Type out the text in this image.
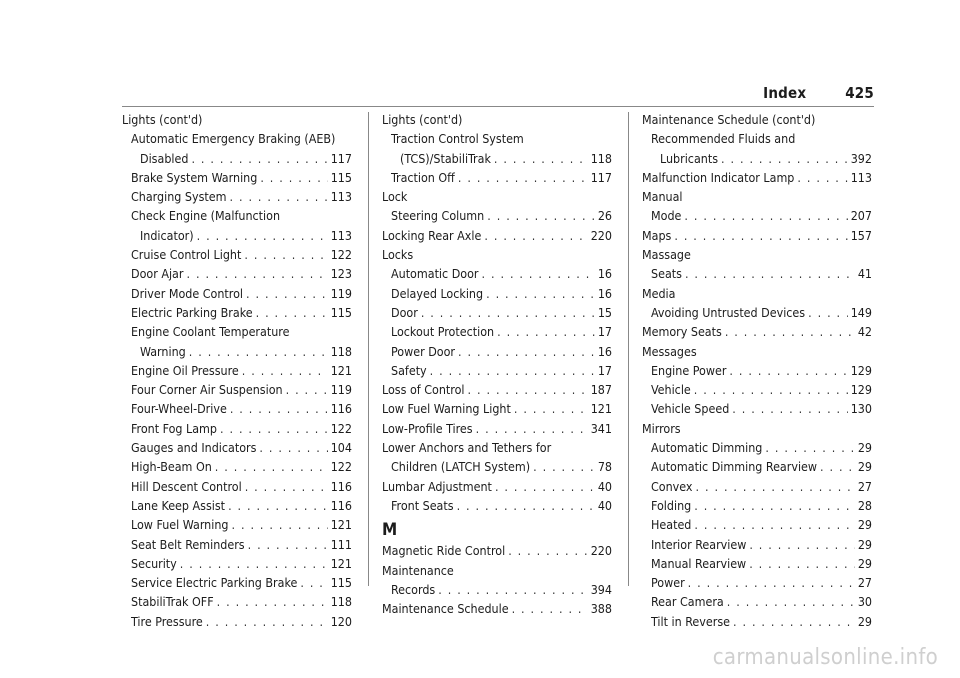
Index	425
Lights (cont'd)
Automatic Emergency Braking (AEB)
Disabled . . .	117
Brake System Warning . . .	115
Charging System . . .	113
Check Engine (Malfunction
Indicator) . . .	113
Cruise Control Light . . .	122
Door Ajar . . .	123
Driver Mode Control . . .	119
Electric Parking Brake . . .	115
Engine Coolant Temperature
Warning . . .	118
Engine Oil Pressure . . .	121
Four Corner Air Suspension . . .	119
Four-Wheel-Drive . . .	116
Front Fog Lamp . . .	122
Gauges and Indicators . . .	104
High-Beam On . . .	122
Hill Descent Control . . .	116
Lane Keep Assist . . .	116
Low Fuel Warning . . .	121
Seat Belt Reminders . . .	111
Security . . .	121
Service Electric Parking Brake . . .	115
StabiliTrak OFF . . .	118
Tire Pressure . . .	120
Lights (cont'd)
Traction Control System
(TCS)/StabiliTrak . . .	118
Traction Off . . .	117
Lock
Steering Column . . .	26
Locking Rear Axle . . .	220
Locks
Automatic Door . . .	16
Delayed Locking . . .	16
Door . . .	15
Lockout Protection . . .	17
Power Door . . .	16
Safety . . .	17
Loss of Control . . .	187
Low Fuel Warning Light . . .	121
Low-Profile Tires . . .	341
Lower Anchors and Tethers for
Children (LATCH System) . . .	78
Lumbar Adjustment . . .	40
Front Seats . . .	40
M
Magnetic Ride Control . . .	220
Maintenance
Records . . .	394
Maintenance Schedule . . .	388
Maintenance Schedule (cont'd)
Recommended Fluids and
Lubricants . . .	392
Malfunction Indicator Lamp . . .	113
Manual
Mode . . .	207
Maps . . .	157
Massage
Seats . . .	41
Media
Avoiding Untrusted Devices . . .	149
Memory Seats . . .	42
Messages
Engine Power . . .	129
Vehicle . . .	129
Vehicle Speed . . .	130
Mirrors
Automatic Dimming . . .	29
Automatic Dimming Rearview . . .	29
Convex . . .	27
Folding . . .	28
Heated . . .	29
Interior Rearview . . .	29
Manual Rearview . . .	29
Power . . .	27
Rear Camera . . .	30
Tilt in Reverse . . .	29
carmanualsonline.info
